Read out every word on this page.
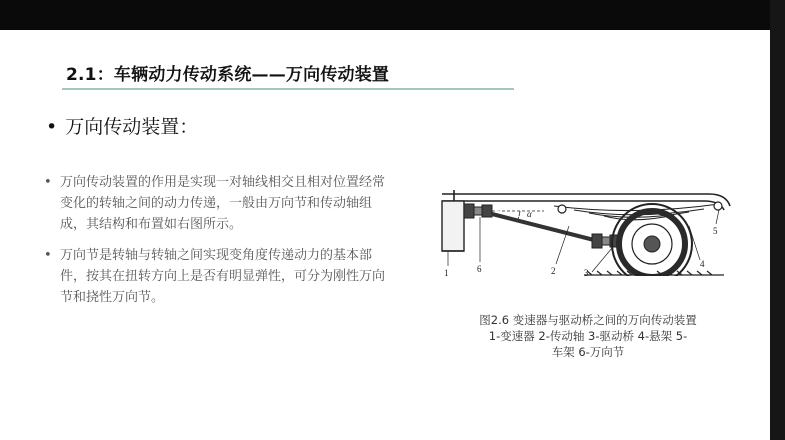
2.1：车辆动力传动系统——万向传动装置
• 万向传动装置：
• 万向传动装置的作用是实现一对轴线相交且相对位置经常变化的转轴之间的动力传递，一般由万向节和传动轴组成，其结构和布置如右图所示。
• 万向节是转轴与转轴之间实现变角度传递动力的基本部件，按其在扭转方向上是否有明显弹性，可分为刚性万向节和挠性万向节。
1	6
α
2	3
4
5
图2.6 变速器与驱动桥之间的万向传动装置
1-变速器 2-传动轴 3-驱动桥 4-悬架 5-
车架 6-万向节
